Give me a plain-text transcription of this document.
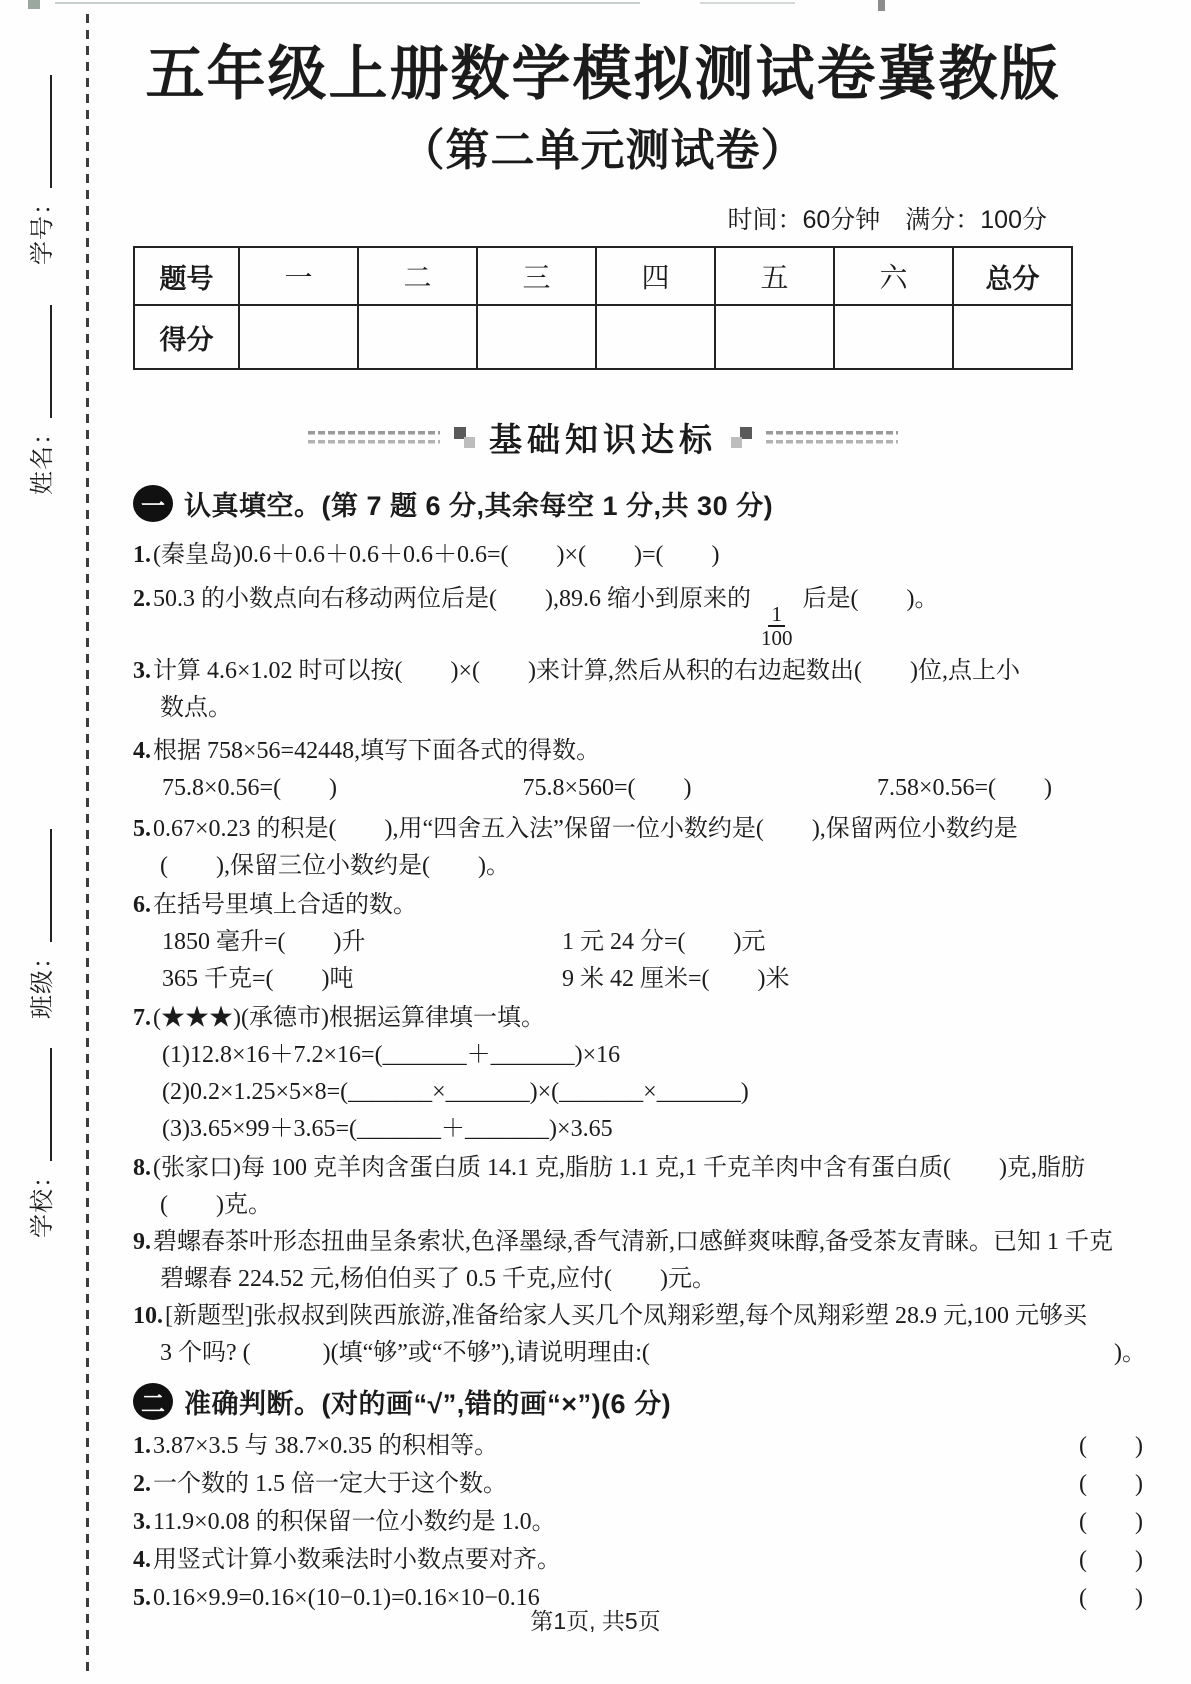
学号：
姓名：
班级：
学校：
五年级上册数学模拟测试卷冀教版
（第二单元测试卷）
时间：60分钟　满分：100分
题号	一	二	三	四	五	六	总分
得分							
基础知识达标
一 认真填空。(第 7 题 6 分,其余每空 1 分,共 30 分)
1.(秦皇岛)0.6＋0.6＋0.6＋0.6＋0.6=(　　)×(　　)=(　　)
2.50.3 的小数点向右移动两位后是(　　),89.6 缩小到原来的
$\frac{1}{100}$
后是(　　)。
3.计算 4.6×1.02 时可以按(　　)×(　　)来计算,然后从积的右边起数出(　　)位,点上小
数点。
4.根据 758×56=42448,填写下面各式的得数。
75.8×0.56=(　　)	75.8×560=(　　)	7.58×0.56=(　　)
5.0.67×0.23 的积是(　　),用“四舍五入法”保留一位小数约是(　　),保留两位小数约是
(　　),保留三位小数约是(　　)。
6.在括号里填上合适的数。
1850 毫升=(　　)升	1 元 24 分=(　　)元
365 千克=(　　)吨	9 米 42 厘米=(　　)米
7.(★★★)(承德市)根据运算律填一填。
(1)12.8×16＋7.2×16=(_______＋_______)×16
(2)0.2×1.25×5×8=(_______×_______)×(_______×_______)
(3)3.65×99＋3.65=(_______＋_______)×3.65
8.(张家口)每 100 克羊肉含蛋白质 14.1 克,脂肪 1.1 克,1 千克羊肉中含有蛋白质(　　)克,脂肪
(　　)克。
9.碧螺春茶叶形态扭曲呈条索状,色泽墨绿,香气清新,口感鲜爽味醇,备受茶友青睐。已知 1 千克
碧螺春 224.52 元,杨伯伯买了 0.5 千克,应付(　　)元。
10.[新题型]张叔叔到陕西旅游,准备给家人买几个凤翔彩塑,每个凤翔彩塑 28.9 元,100 元够买
3 个吗? (　　　)(填“够”或“不够”),请说明理由:(	)。
二 准确判断。(对的画“√”,错的画“×”)(6 分)
1.3.87×3.5 与 38.7×0.35 的积相等。	(　　)
2.一个数的 1.5 倍一定大于这个数。	(　　)
3.11.9×0.08 的积保留一位小数约是 1.0。	(　　)
4.用竖式计算小数乘法时小数点要对齐。	(　　)
5.0.16×9.9=0.16×(10−0.1)=0.16×10−0.16	(　　)
第1页, 共5页
